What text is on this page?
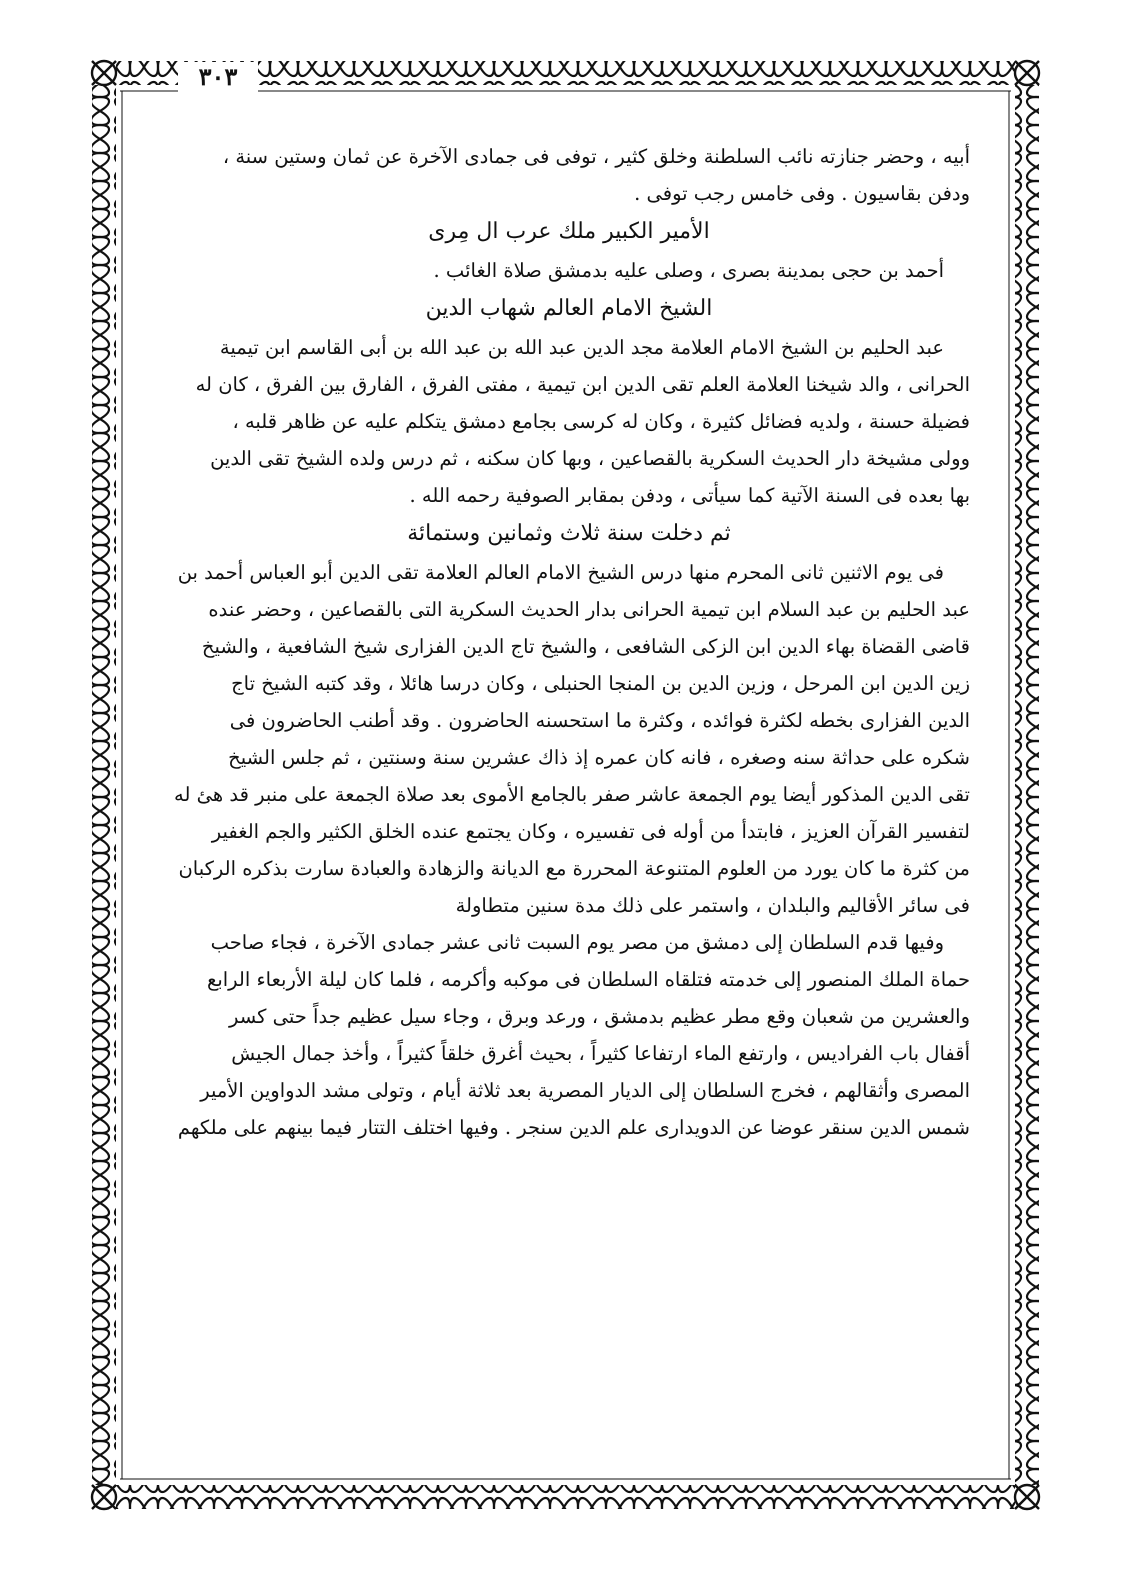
٣٠٣
أبيه ، وحضر جنازته نائب السلطنة وخلق كثير ، توفى فى جمادى الآخرة عن ثمان وستين سنة ،
ودفن بقاسيون . وفى خامس رجب توفى .
الأمير الكبير ملك عرب ال مِرى
أحمد بن حجى بمدينة بصرى ، وصلى عليه بدمشق صلاة الغائب .
الشيخ الامام العالم شهاب الدين
عبد الحليم بن الشيخ الامام العلامة مجد الدين عبد الله بن عبد الله بن أبى القاسم ابن تيمية
الحرانى ، والد شيخنا العلامة العلم تقى الدين ابن تيمية ، مفتى الفرق ، الفارق بين الفرق ، كان له
فضيلة حسنة ، ولديه فضائل كثيرة ، وكان له كرسى بجامع دمشق يتكلم عليه عن ظاهر قلبه ،
وولى مشيخة دار الحديث السكرية بالقصاعين ، وبها كان سكنه ، ثم درس ولده الشيخ تقى الدين
بها بعده فى السنة الآتية كما سيأتى ، ودفن بمقابر الصوفية رحمه الله .
ثم دخلت سنة ثلاث وثمانين وستمائة
فى يوم الاثنين ثانى المحرم منها درس الشيخ الامام العالم العلامة تقى الدين أبو العباس أحمد بن
عبد الحليم بن عبد السلام ابن تيمية الحرانى بدار الحديث السكرية التى بالقصاعين ، وحضر عنده
قاضى القضاة بهاء الدين ابن الزكى الشافعى ، والشيخ تاج الدين الفزارى شيخ الشافعية ، والشيخ
زين الدين ابن المرحل ، وزين الدين بن المنجا الحنبلى ، وكان درسا هائلا ، وقد كتبه الشيخ تاج
الدين الفزارى بخطه لكثرة فوائده ، وكثرة ما استحسنه الحاضرون . وقد أطنب الحاضرون فى
شكره على حداثة سنه وصغره ، فانه كان عمره إذ ذاك عشرين سنة وسنتين ، ثم جلس الشيخ
تقى الدين المذكور أيضا يوم الجمعة عاشر صفر بالجامع الأموى بعد صلاة الجمعة على منبر قد هئ له
لتفسير القرآن العزيز ، فابتدأ من أوله فى تفسيره ، وكان يجتمع عنده الخلق الكثير والجم الغفير
من كثرة ما كان يورد من العلوم المتنوعة المحررة مع الديانة والزهادة والعبادة سارت بذكره الركبان
فى سائر الأقاليم والبلدان ، واستمر على ذلك مدة سنين متطاولة
وفيها قدم السلطان إلى دمشق من مصر يوم السبت ثانى عشر جمادى الآخرة ، فجاء صاحب
حماة الملك المنصور إلى خدمته فتلقاه السلطان فى موكبه وأكرمه ، فلما كان ليلة الأربعاء الرابع
والعشرين من شعبان وقع مطر عظيم بدمشق ، ورعد وبرق ، وجاء سيل عظيم جداً حتى كسر
أقفال باب الفراديس ، وارتفع الماء ارتفاعا كثيراً ، بحيث أغرق خلقاً كثيراً ، وأخذ جمال الجيش
المصرى وأثقالهم ، فخرج السلطان إلى الديار المصرية بعد ثلاثة أيام ، وتولى مشد الدواوين الأمير
شمس الدين سنقر عوضا عن الدويدارى علم الدين سنجر . وفيها اختلف التتار فيما بينهم على ملكهم
